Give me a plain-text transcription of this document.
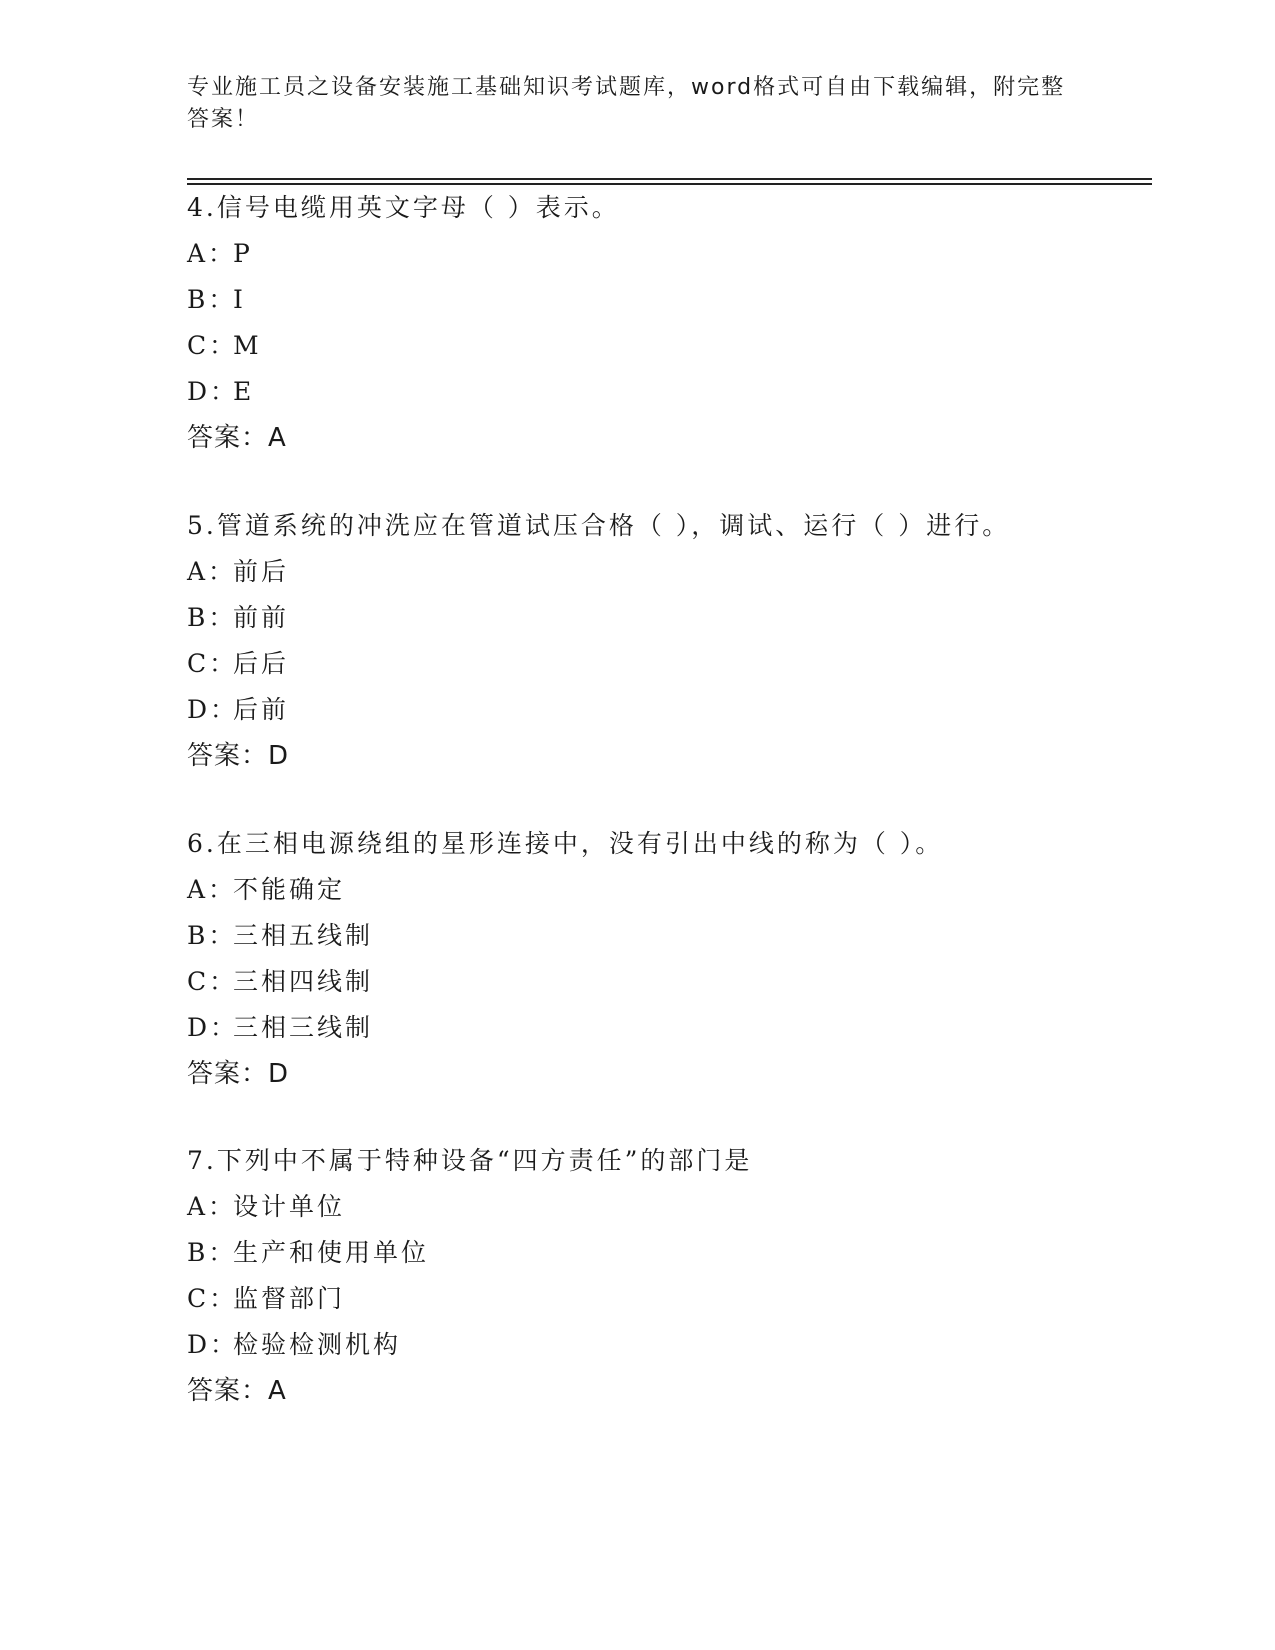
专业施工员之设备安装施工基础知识考试题库，word格式可自由下载编辑，附完整答案！
4.信号电缆用英文字母（ ）表示。
A：P
B：I
C：M
D：E
答案：A
5.管道系统的冲洗应在管道试压合格（ ），调试、运行（ ）进行。
A：前后
B：前前
C：后后
D：后前
答案：D
6.在三相电源绕组的星形连接中，没有引出中线的称为（ ）。
A：不能确定
B：三相五线制
C：三相四线制
D：三相三线制
答案：D
7.下列中不属于特种设备“四方责任”的部门是
A：设计单位
B：生产和使用单位
C：监督部门
D：检验检测机构
答案：A
